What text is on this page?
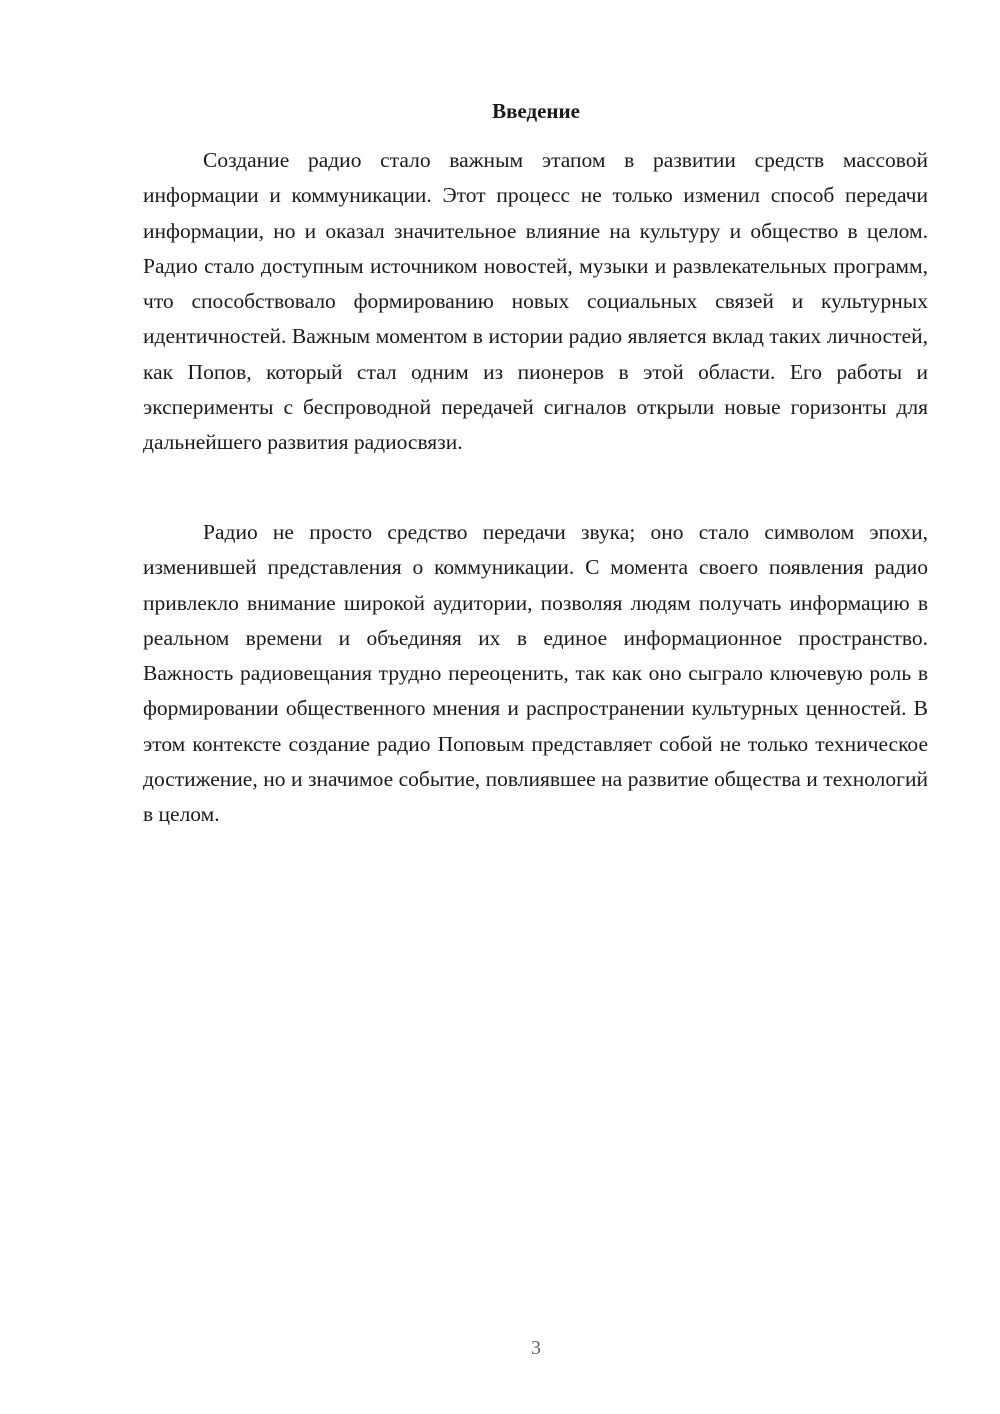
Введение

Создание радио стало важным этапом в развитии средств массовой информации и коммуникации. Этот процесс не только изменил способ передачи информации, но и оказал значительное влияние на культуру и общество в целом. Радио стало доступным источником новостей, музыки и развлекательных программ, что способствовало формированию новых социальных связей и культурных идентичностей. Важным моментом в истории радио является вклад таких личностей, как Попов, который стал одним из пионеров в этой области. Его работы и эксперименты с беспроводной передачей сигналов открыли новые горизонты для дальнейшего развития радиосвязи.

Радио не просто средство передачи звука; оно стало символом эпохи, изменившей представления о коммуникации. С момента своего появления радио привлекло внимание широкой аудитории, позволяя людям получать информацию в реальном времени и объединяя их в единое информационное пространство. Важность радиовещания трудно переоценить, так как оно сыграло ключевую роль в формировании общественного мнения и распространении культурных ценностей. В этом контексте создание радио Поповым представляет собой не только техническое достижение, но и значимое событие, повлиявшее на развитие общества и технологий в целом.

3
